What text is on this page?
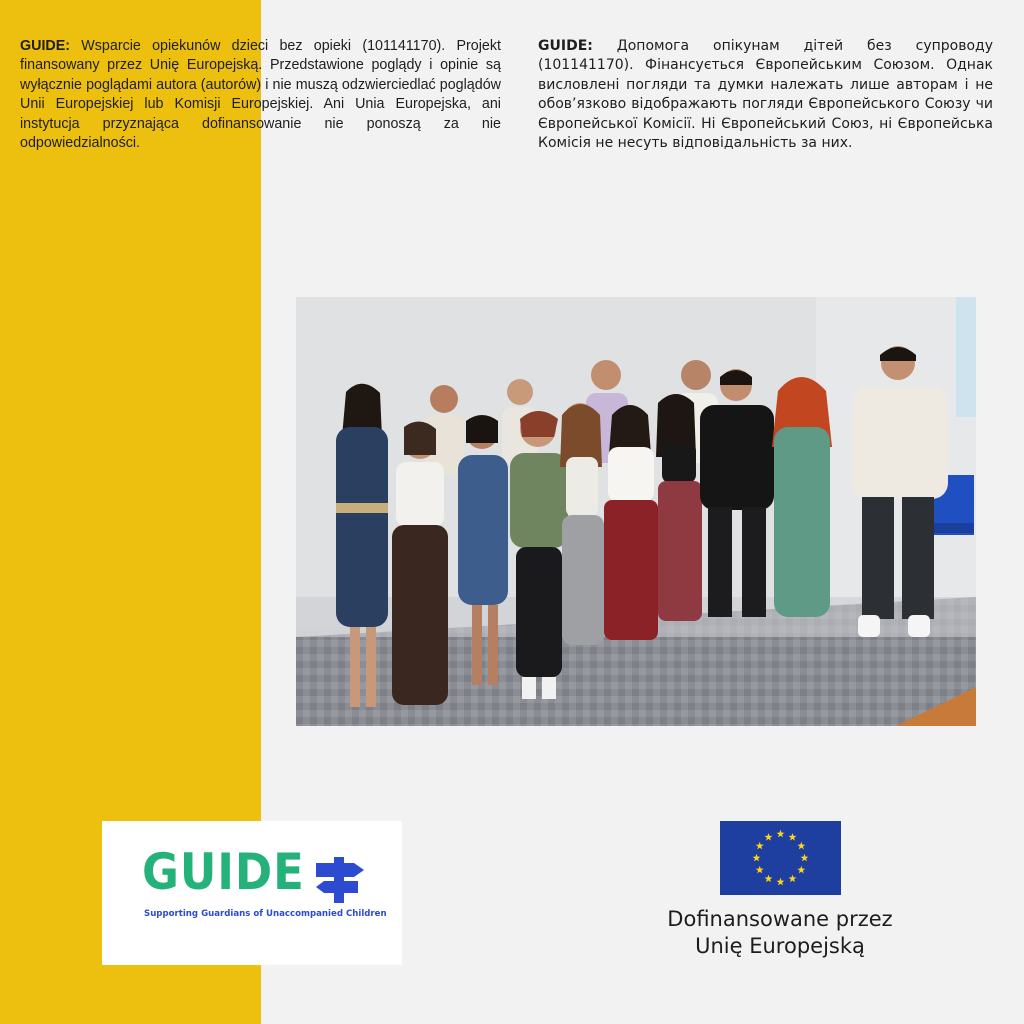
GUIDE: Wsparcie opiekunów dzieci bez opieki (101141170). Projekt finansowany przez Unię Europejską. Przedstawione poglądy i opinie są wyłącznie poglądami autora (autorów) i nie muszą odzwierciedlać poglądów Unii Europejskiej lub Komisji Europejskiej. Ani Unia Europejska, ani instytucja przyznająca dofinansowanie nie ponoszą za nie odpowiedzialności.

GUIDE: Допомога опікунам дітей без супроводу (101141170). Фінансується Європейським Союзом. Однак висловлені погляди та думки належать лише авторам і не обов’язково відображають погляди Європейського Союзу чи Європейської Комісії. Ні Європейський Союз, ні Європейська Комісія не несуть відповідальність за них.

GUIDE
Supporting Guardians of Unaccompanied Children	Dofinansowane przez
Unię Europejską
